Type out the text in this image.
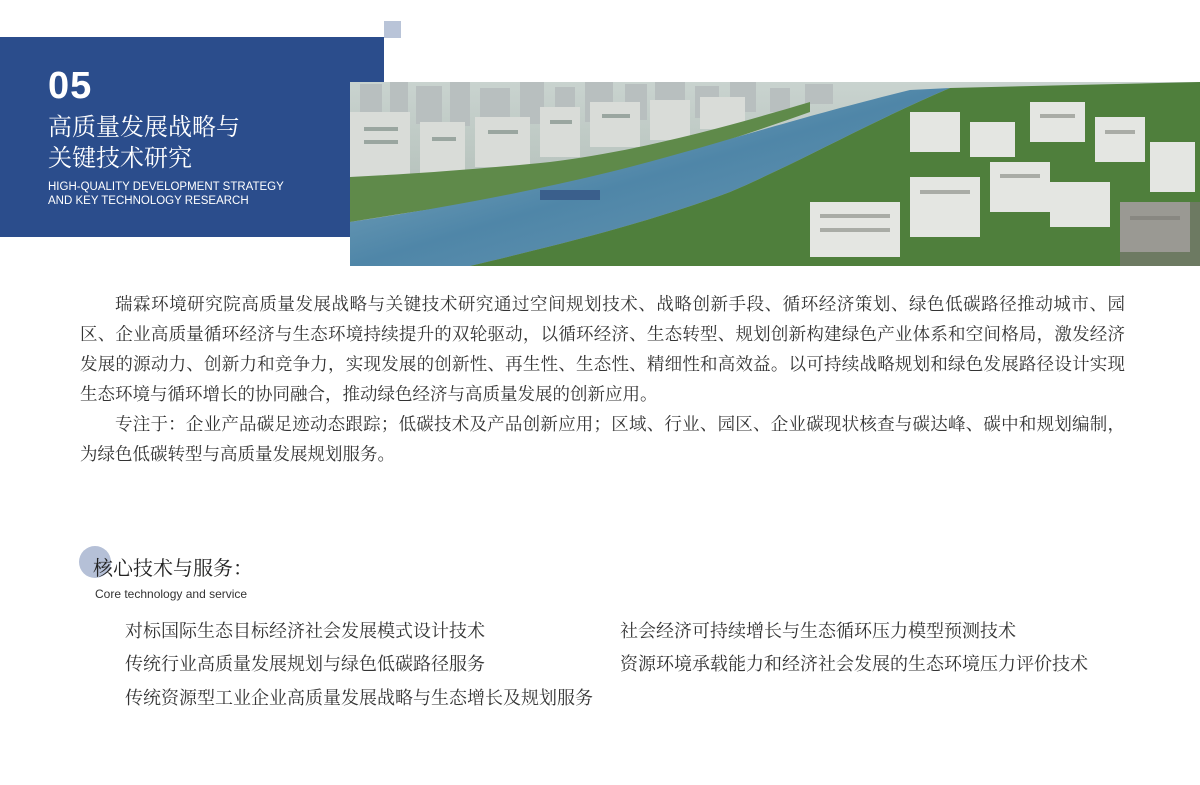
05
高质量发展战略与
关键技术研究
HIGH-QUALITY DEVELOPMENT STRATEGY
AND KEY TECHNOLOGY RESEARCH

瑞霖环境研究院高质量发展战略与关键技术研究通过空间规划技术、战略创新手段、循环经济策划、绿色低碳路径推动城市、园区、企业高质量循环经济与生态环境持续提升的双轮驱动，以循环经济、生态转型、规划创新构建绿色产业体系和空间格局，激发经济发展的源动力、创新力和竞争力，实现发展的创新性、再生性、生态性、精细性和高效益。以可持续战略规划和绿色发展路径设计实现生态环境与循环增长的协同融合，推动绿色经济与高质量发展的创新应用。

专注于：企业产品碳足迹动态跟踪；低碳技术及产品创新应用；区域、行业、园区、企业碳现状核查与碳达峰、碳中和规划编制，为绿色低碳转型与高质量发展规划服务。

核心技术与服务：
Core technology and service
对标国际生态目标经济社会发展模式设计技术	社会经济可持续增长与生态循环压力模型预测技术
传统行业高质量发展规划与绿色低碳路径服务	资源环境承载能力和经济社会发展的生态环境压力评价技术
传统资源型工业企业高质量发展战略与生态增长及规划服务
